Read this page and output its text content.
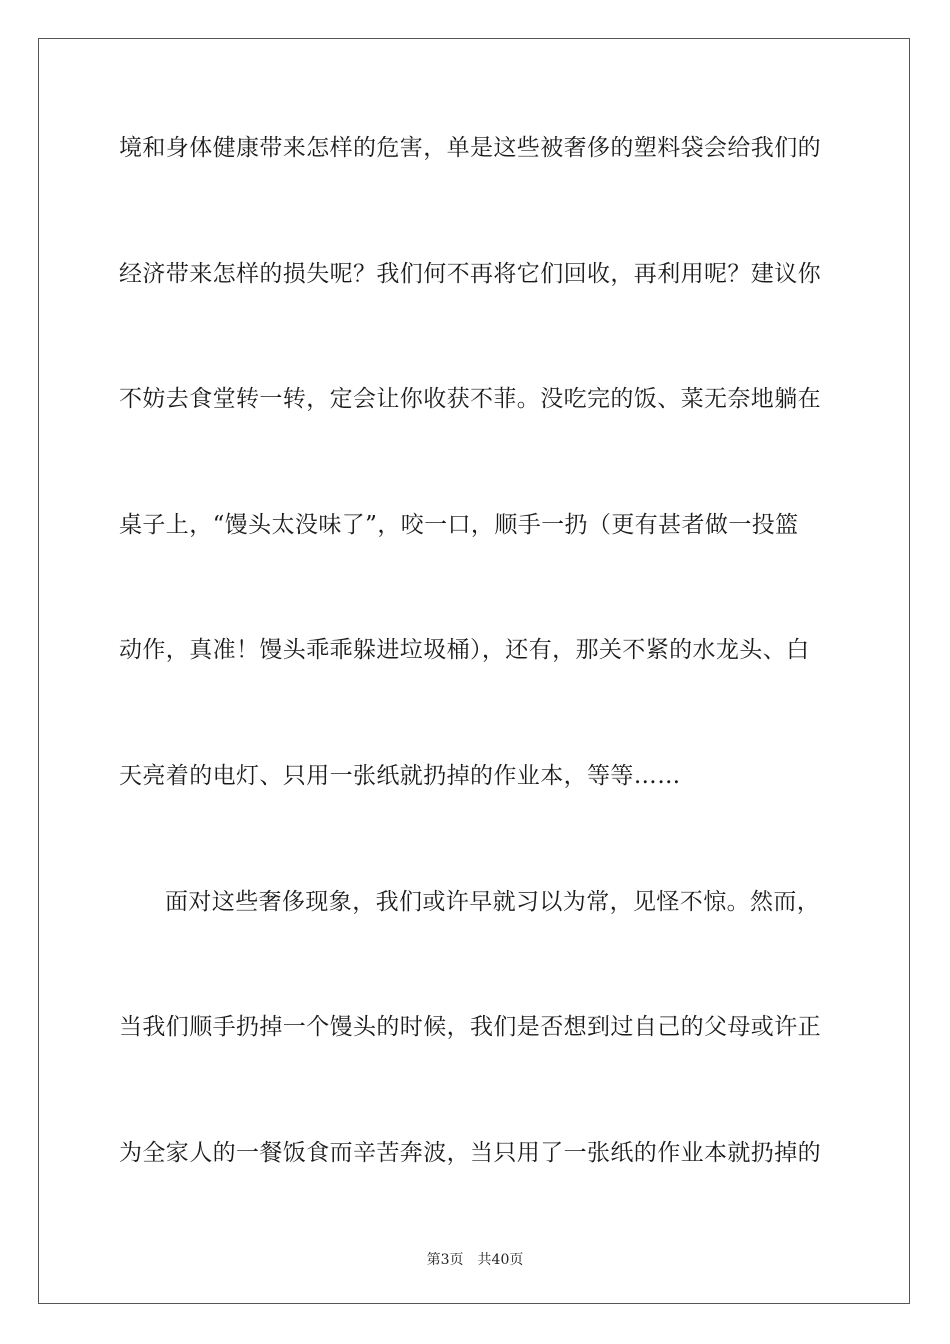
境和身体健康带来怎样的危害，单是这些被奢侈的塑料袋会给我们的
经济带来怎样的损失呢？我们何不再将它们回收，再利用呢？建议你
不妨去食堂转一转，定会让你收获不菲。没吃完的饭、菜无奈地躺在
桌子上，“馒头太没味了”，咬一口，顺手一扔（更有甚者做一投篮
动作，真准！馒头乖乖躲进垃圾桶），还有，那关不紧的水龙头、白
天亮着的电灯、只用一张纸就扔掉的作业本，等等……
面对这些奢侈现象，我们或许早就习以为常，见怪不惊。然而，
当我们顺手扔掉一个馒头的时候，我们是否想到过自己的父母或许正
为全家人的一餐饭食而辛苦奔波，当只用了一张纸的作业本就扔掉的
第3页 共40页
